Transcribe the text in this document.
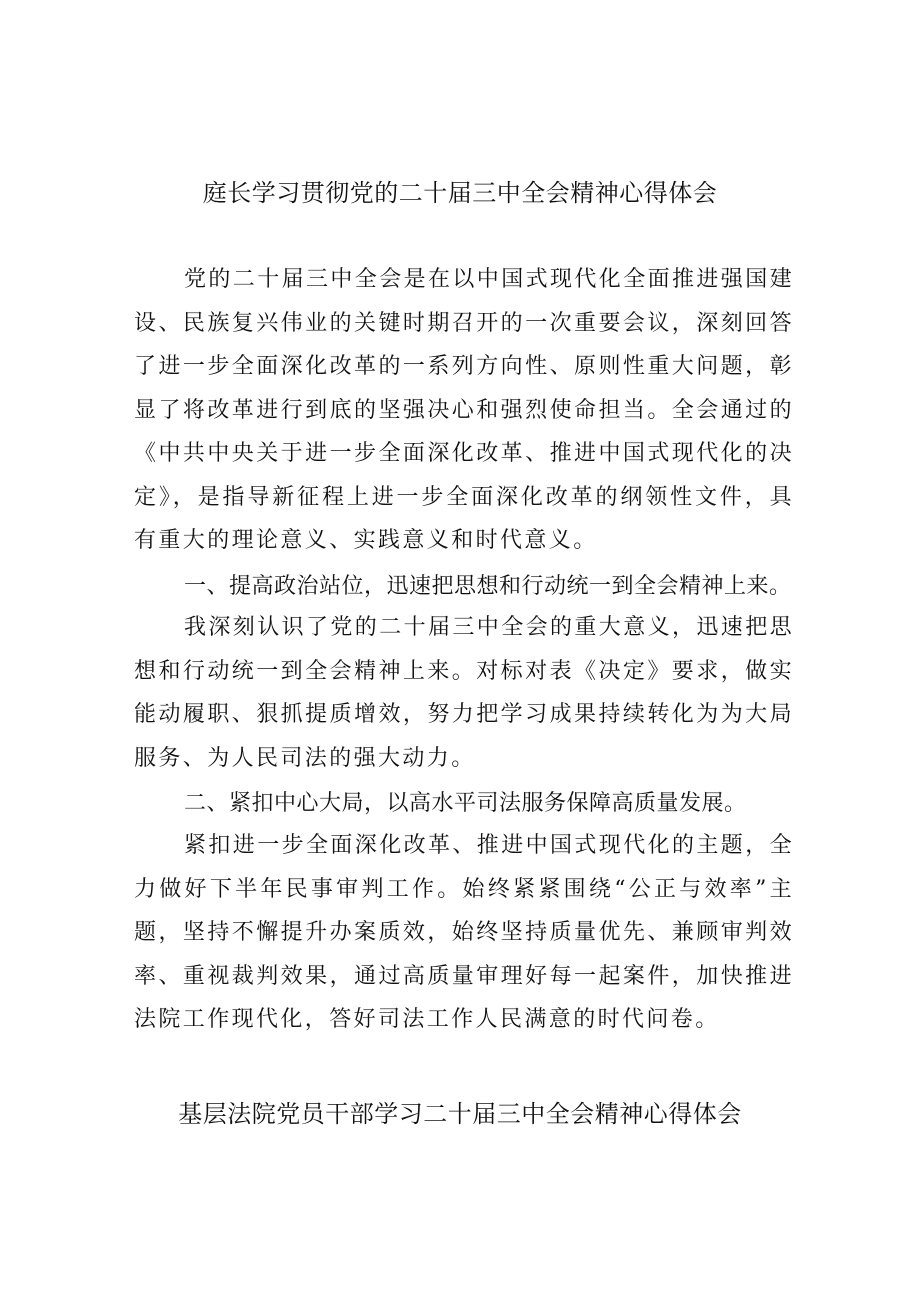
庭长学习贯彻党的二十届三中全会精神心得体会

党的二十届三中全会是在以中国式现代化全面推进强国建设、民族复兴伟业的关键时期召开的一次重要会议，深刻回答了进一步全面深化改革的一系列方向性、原则性重大问题，彰显了将改革进行到底的坚强决心和强烈使命担当。全会通过的《中共中央关于进一步全面深化改革、推进中国式现代化的决定》，是指导新征程上进一步全面深化改革的纲领性文件，具有重大的理论意义、实践意义和时代意义。

一、提高政治站位，迅速把思想和行动统一到全会精神上来。

我深刻认识了党的二十届三中全会的重大意义，迅速把思想和行动统一到全会精神上来。对标对表《决定》要求，做实能动履职、狠抓提质增效，努力把学习成果持续转化为为大局服务、为人民司法的强大动力。

二、紧扣中心大局，以高水平司法服务保障高质量发展。

紧扣进一步全面深化改革、推进中国式现代化的主题，全力做好下半年民事审判工作。始终紧紧围绕“公正与效率”主题，坚持不懈提升办案质效，始终坚持质量优先、兼顾审判效率、重视裁判效果，通过高质量审理好每一起案件，加快推进法院工作现代化，答好司法工作人民满意的时代问卷。

基层法院党员干部学习二十届三中全会精神心得体会
